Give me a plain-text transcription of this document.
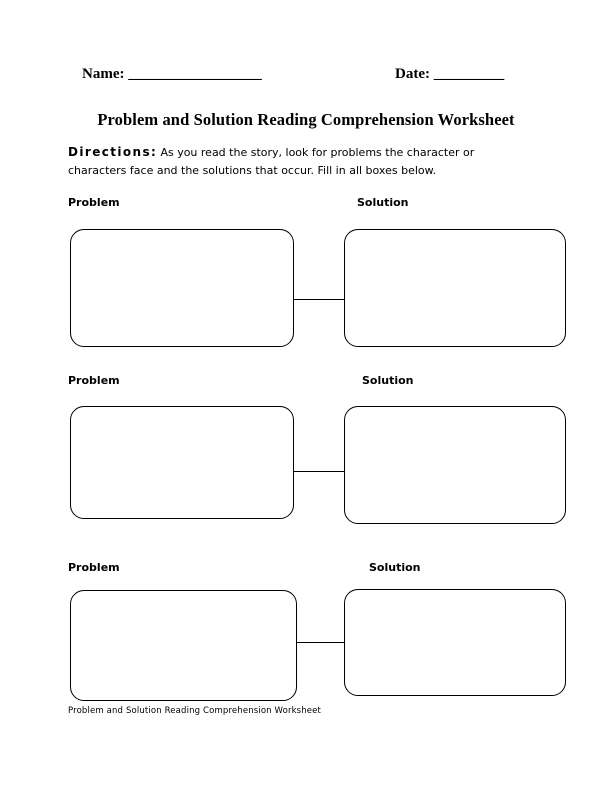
Name: ___________________	Date: __________
Problem and Solution Reading Comprehension Worksheet
Directions: As you read the story, look for problems the character or characters face and the solutions that occur. Fill in all boxes below.
Problem	Solution
Problem	Solution
Problem	Solution
Problem and Solution Reading Comprehension Worksheet
